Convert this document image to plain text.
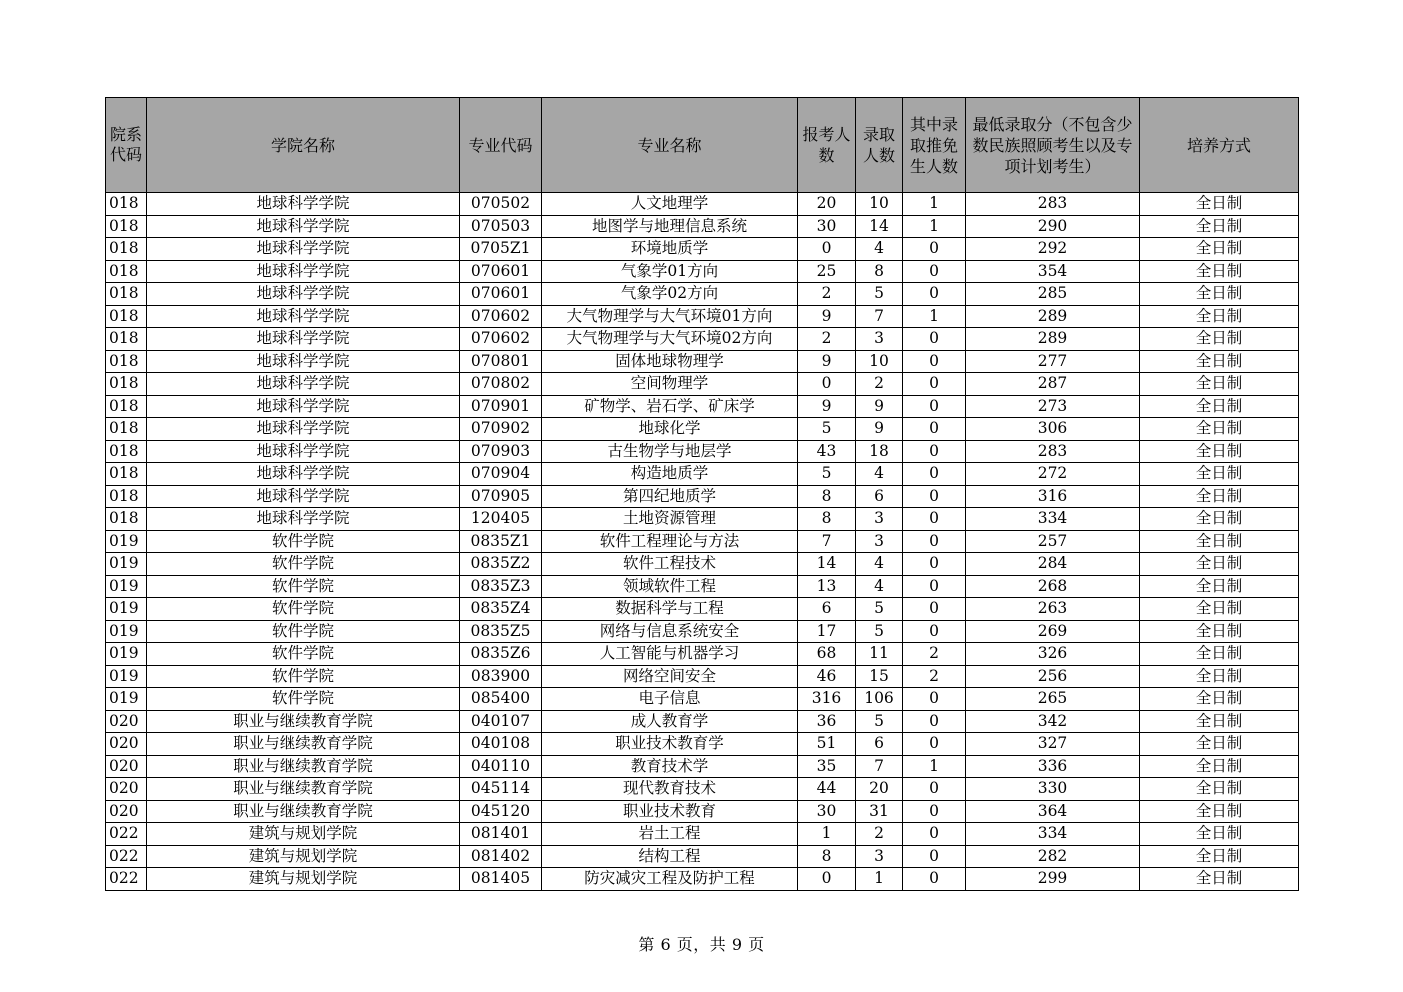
院系代码	学院名称	专业代码	专业名称	报考人数	录取人数	其中录取推免生人数	最低录取分（不包含少数民族照顾考生以及专项计划考生）	培养方式
018	地球科学学院	070502	人文地理学	20	10	1	283	全日制
018	地球科学学院	070503	地图学与地理信息系统	30	14	1	290	全日制
018	地球科学学院	0705Z1	环境地质学	0	4	0	292	全日制
018	地球科学学院	070601	气象学01方向	25	8	0	354	全日制
018	地球科学学院	070601	气象学02方向	2	5	0	285	全日制
018	地球科学学院	070602	大气物理学与大气环境01方向	9	7	1	289	全日制
018	地球科学学院	070602	大气物理学与大气环境02方向	2	3	0	289	全日制
018	地球科学学院	070801	固体地球物理学	9	10	0	277	全日制
018	地球科学学院	070802	空间物理学	0	2	0	287	全日制
018	地球科学学院	070901	矿物学、岩石学、矿床学	9	9	0	273	全日制
018	地球科学学院	070902	地球化学	5	9	0	306	全日制
018	地球科学学院	070903	古生物学与地层学	43	18	0	283	全日制
018	地球科学学院	070904	构造地质学	5	4	0	272	全日制
018	地球科学学院	070905	第四纪地质学	8	6	0	316	全日制
018	地球科学学院	120405	土地资源管理	8	3	0	334	全日制
019	软件学院	0835Z1	软件工程理论与方法	7	3	0	257	全日制
019	软件学院	0835Z2	软件工程技术	14	4	0	284	全日制
019	软件学院	0835Z3	领域软件工程	13	4	0	268	全日制
019	软件学院	0835Z4	数据科学与工程	6	5	0	263	全日制
019	软件学院	0835Z5	网络与信息系统安全	17	5	0	269	全日制
019	软件学院	0835Z6	人工智能与机器学习	68	11	2	326	全日制
019	软件学院	083900	网络空间安全	46	15	2	256	全日制
019	软件学院	085400	电子信息	316	106	0	265	全日制
020	职业与继续教育学院	040107	成人教育学	36	5	0	342	全日制
020	职业与继续教育学院	040108	职业技术教育学	51	6	0	327	全日制
020	职业与继续教育学院	040110	教育技术学	35	7	1	336	全日制
020	职业与继续教育学院	045114	现代教育技术	44	20	0	330	全日制
020	职业与继续教育学院	045120	职业技术教育	30	31	0	364	全日制
022	建筑与规划学院	081401	岩土工程	1	2	0	334	全日制
022	建筑与规划学院	081402	结构工程	8	3	0	282	全日制
022	建筑与规划学院	081405	防灾减灾工程及防护工程	0	1	0	299	全日制
第 6 页，共 9 页
